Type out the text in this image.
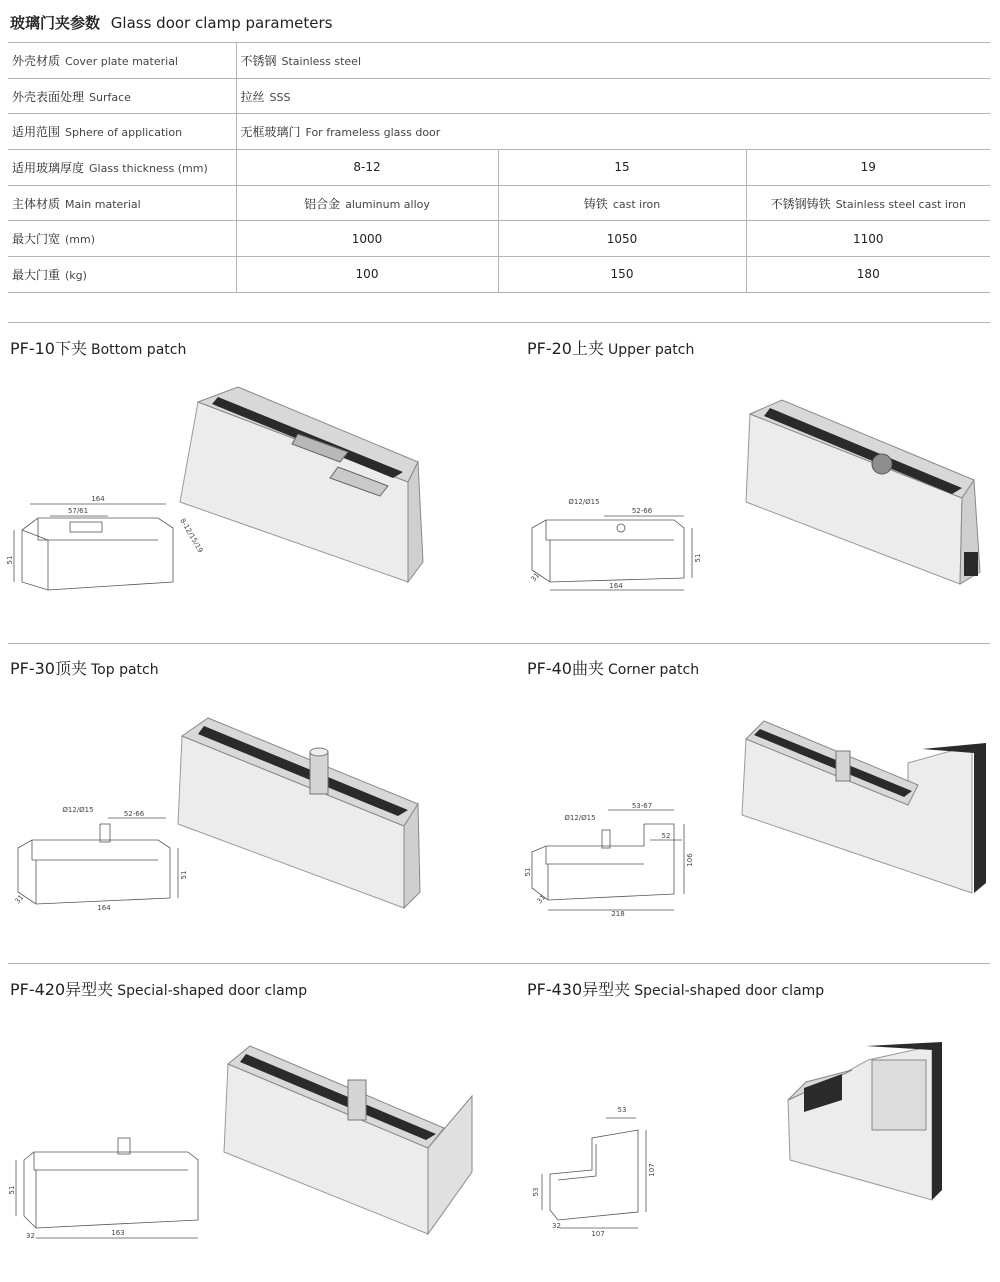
玻璃门夹参数 Glass door clamp parameters
外壳材质 Cover plate material	不锈钢 Stainless steel		
外壳表面处理 Surface	拉丝 SSS		
适用范围 Sphere of application	无框玻璃门 For frameless glass door		
适用玻璃厚度 Glass thickness (mm)	8-12	15	19
主体材质 Main material	铝合金 aluminum alloy	铸铁 cast iron	不锈钢铸铁 Stainless steel cast iron
最大门宽 (mm)	1000	1050	1100
最大门重 (kg)	100	150	180
PF-10下夹 Bottom patch	PF-20上夹 Upper patch
PF-30顶夹 Top patch	PF-40曲夹 Corner patch
PF-420异型夹 Special-shaped door clamp	PF-430异型夹 Special-shaped door clamp
164
57/61
51
8-12/15/19
Ø12/Ø15
52-66
51
31
164
Ø12/Ø15	52-66
51
31
164
Ø12/Ø15
53-67
52
106
51
31
218
51
163
32
53
107
53
107
32
